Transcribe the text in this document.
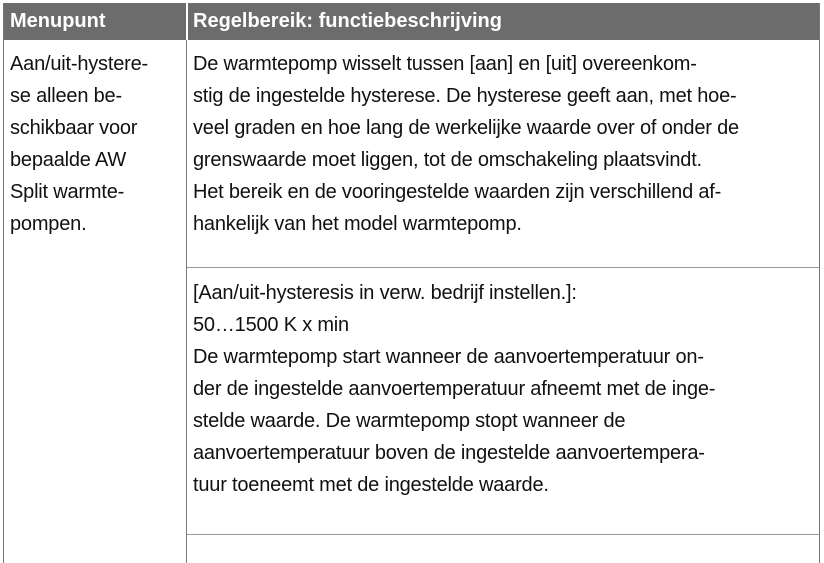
Menupunt	Regelbereik: functiebeschrijving
Aan/uit-hystere-
se alleen be-
schikbaar voor
bepaalde AW
Split warmte-
pompen.
De warmtepomp wisselt tussen [aan] en [uit] overeenkom-
stig de ingestelde hysterese. De hysterese geeft aan, met hoe-
veel graden en hoe lang de werkelijke waarde over of onder de
grenswaarde moet liggen, tot de omschakeling plaatsvindt.
Het bereik en de vooringestelde waarden zijn verschillend af-
hankelijk van het model warmtepomp.
[Aan/uit-hysteresis in verw. bedrijf instellen.]:
50…1500 K x min
De warmtepomp start wanneer de aanvoertemperatuur on-
der de ingestelde aanvoertemperatuur afneemt met de inge-
stelde waarde. De warmtepomp stopt wanneer de
aanvoertemperatuur boven de ingestelde aanvoertempera-
tuur toeneemt met de ingestelde waarde.
